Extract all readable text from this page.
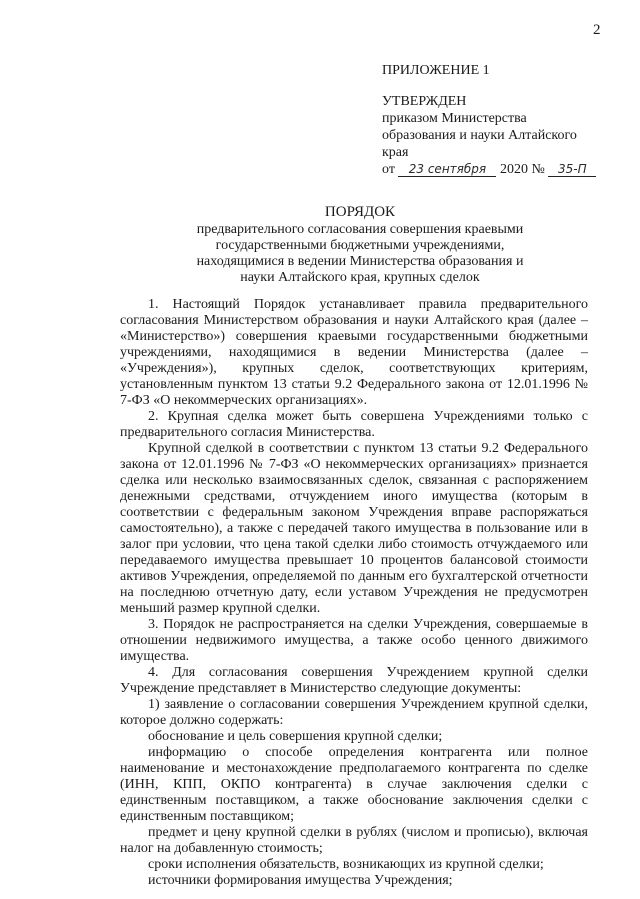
2
ПРИЛОЖЕНИЕ 1
УТВЕРЖДЕН
приказом Министерства
образования и науки Алтайского
края
от 23 сентября 2020 № 35-П
ПОРЯДОК
предварительного согласования совершения краевыми
государственными бюджетными учреждениями,
находящимися в ведении Министерства образования и
науки Алтайского края, крупных сделок

1. Настоящий Порядок устанавливает правила предварительного согласования Министерством образования и науки Алтайского края (далее – «Министерство») совершения краевыми государственными бюджетными учреждениями, находящимися в ведении Министерства (далее – «Учреждения»), крупных сделок, соответствующих критериям, установленным пунктом 13 статьи 9.2 Федерального закона от 12.01.1996 № 7-ФЗ «О некоммерческих организациях».

2. Крупная сделка может быть совершена Учреждениями только с предварительного согласия Министерства.

Крупной сделкой в соответствии с пунктом 13 статьи 9.2 Федерального закона от 12.01.1996 № 7-ФЗ «О некоммерческих организациях» признается сделка или несколько взаимосвязанных сделок, связанная с распоряжением денежными средствами, отчуждением иного имущества (которым в соответствии с федеральным законом Учреждения вправе распоряжаться самостоятельно), а также с передачей такого имущества в пользование или в залог при условии, что цена такой сделки либо стоимость отчуждаемого или передаваемого имущества превышает 10 процентов балансовой стоимости активов Учреждения, определяемой по данным его бухгалтерской отчетности на последнюю отчетную дату, если уставом Учреждения не предусмотрен меньший размер крупной сделки.

3. Порядок не распространяется на сделки Учреждения, совершаемые в отношении недвижимого имущества, а также особо ценного движимого имущества.

4. Для согласования совершения Учреждением крупной сделки Учреждение представляет в Министерство следующие документы:

1) заявление о согласовании совершения Учреждением крупной сделки, которое должно содержать:

обоснование и цель совершения крупной сделки;

информацию о способе определения контрагента или полное наименование и местонахождение предполагаемого контрагента по сделке (ИНН, КПП, ОКПО контрагента) в случае заключения сделки с единственным поставщиком, а также обоснование заключения сделки с единственным поставщиком;

предмет и цену крупной сделки в рублях (числом и прописью), включая налог на добавленную стоимость;

сроки исполнения обязательств, возникающих из крупной сделки;

источники формирования имущества Учреждения;
